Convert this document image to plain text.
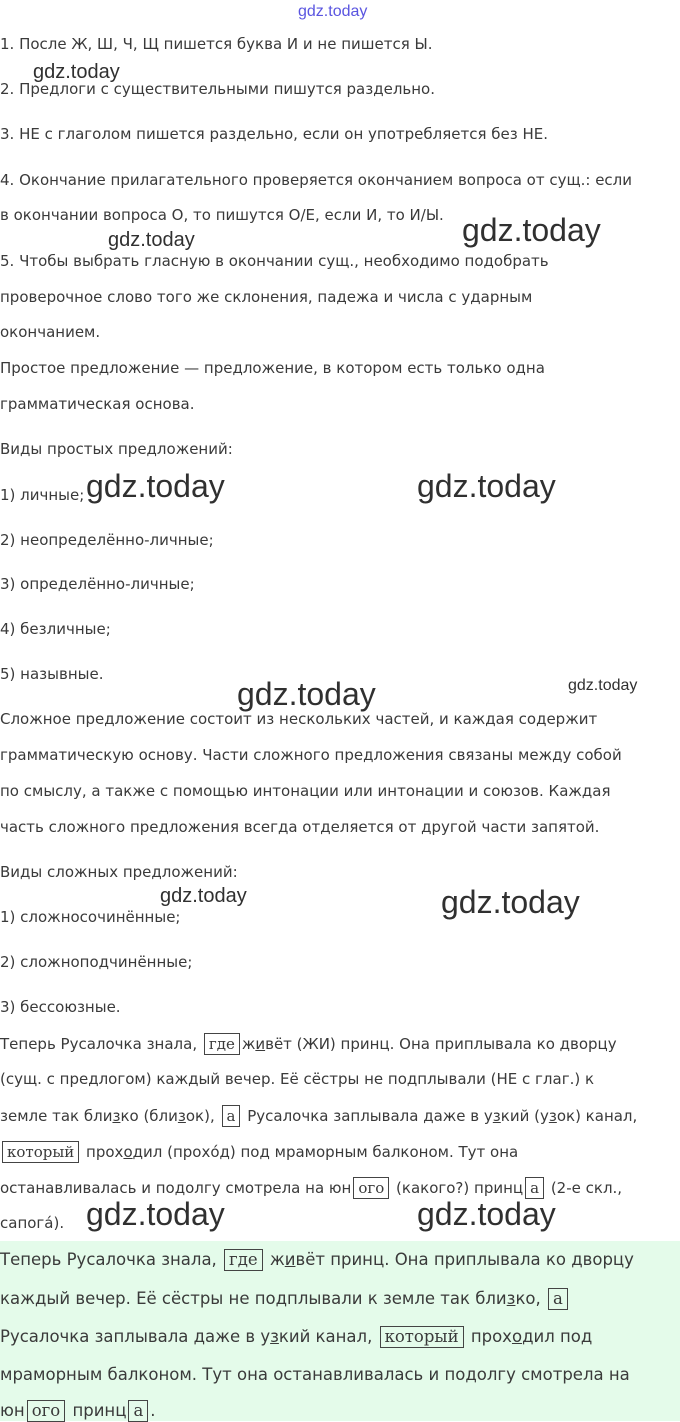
gdz.today
gdz.today
gdz.today
gdz.today
gdz.today	gdz.today
gdz.today	gdz.today
gdz.today	gdz.today
1. После Ж, Ш, Ч, Щ пишется буква И и не пишется Ы.
2. Предлоги с существительными пишутся раздельно.
3. НЕ с глаголом пишется раздельно, если он употребляется без НЕ.
4. Окончание прилагательного проверяется окончанием вопроса от сущ.: если
в окончании вопроса О, то пишутся О/Е, если И, то И/Ы.
5. Чтобы выбрать гласную в окончании сущ., необходимо подобрать
проверочное слово того же склонения, падежа и числа с ударным
окончанием.
Простое предложение — предложение, в котором есть только одна
грамматическая основа.
Виды простых предложений:
1) личные;
2) неопределённо-личные;
3) определённо-личные;
4) безличные;
5) назывные.
Сложное предложение состоит из нескольких частей, и каждая содержит
грамматическую основу. Части сложного предложения связаны между собой
по смыслу, а также с помощью интонации или интонации и союзов. Каждая
часть сложного предложения всегда отделяется от другой части запятой.
Виды сложных предложений:
1) сложносочинённые;
2) сложноподчинённые;
3) бессоюзные.
Теперь Русалочка знала, где живёт (ЖИ) принц. Она приплывала ко дворцу
(сущ. с предлогом) каждый вечер. Её сёстры не подплывали (НЕ с глаг.) к
земле так близко (близок), а Русалочка заплывала даже в узкий (узок) канал,
который проходил (прохо́д) под мраморным балконом. Тут она
останавливалась и подолгу смотрела на юн ого (какого?) принц а (2-е скл.,
сапога́). gdz.today	gdz.today
Теперь Русалочка знала, где живёт принц. Она приплывала ко дворцу
каждый вечер. Её сёстры не подплывали к земле так близко, а
Русалочка заплывала даже в узкий канал, который проходил под
мраморным балконом. Тут она останавливалась и подолгу смотрела на
юн ого принц а .
